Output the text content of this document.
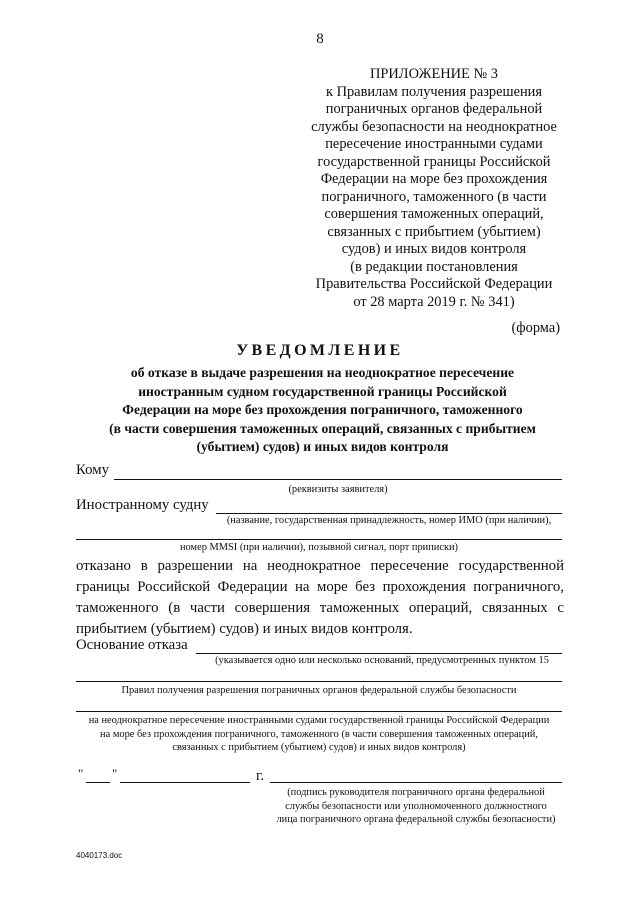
8
ПРИЛОЖЕНИЕ № 3
к Правилам получения разрешения
пограничных органов федеральной
службы безопасности на неоднократное
пересечение иностранными судами
государственной границы Российской
Федерации на море без прохождения
пограничного, таможенного (в части
совершения таможенных операций,
связанных с прибытием (убытием)
судов) и иных видов контроля
(в редакции постановления
Правительства Российской Федерации
от 28 марта 2019 г. № 341)
(форма)
УВЕДОМЛЕНИЕ
об отказе в выдаче разрешения на неоднократное пересечение
иностранным судном государственной границы Российской
Федерации на море без прохождения пограничного, таможенного
(в части совершения таможенных операций, связанных с прибытием
(убытием) судов) и иных видов контроля
Кому
(реквизиты заявителя)
Иностранному судну
(название, государственная принадлежность, номер ИМО (при наличии),
номер MMSI (при наличии), позывной сигнал, порт приписки)
отказано в разрешении на неоднократное пересечение государственной
границы Российской Федерации на море без прохождения пограничного,
таможенного (в части совершения таможенных операций, связанных с
прибытием (убытием) судов) и иных видов контроля.
Основание отказа
(указывается одно или несколько оснований, предусмотренных пунктом 15
Правил получения разрешения пограничных органов федеральной службы безопасности
на неоднократное пересечение иностранными судами государственной границы Российской Федерации
на море без прохождения пограничного, таможенного (в части совершения таможенных операций,
связанных с прибытием (убытием) судов) и иных видов контроля)
" "	г.
(подпись руководителя пограничного органа федеральной
службы безопасности или уполномоченного должностного
лица пограничного органа федеральной службы безопасности)
4040173.doc
